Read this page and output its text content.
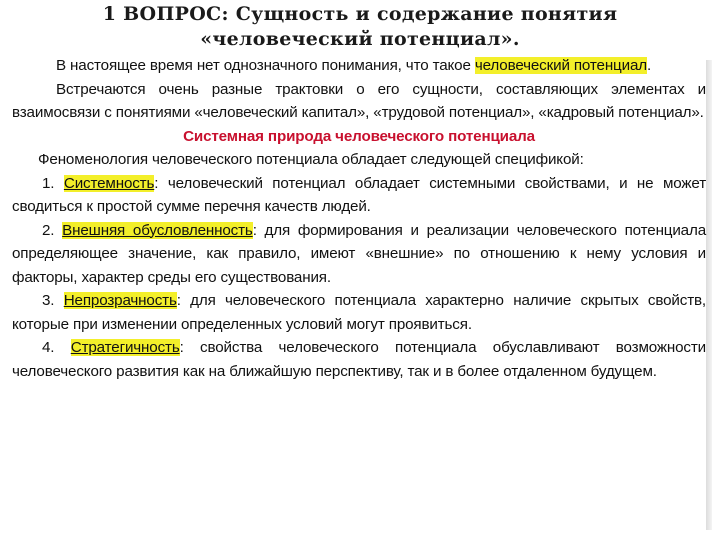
1 ВОПРОС: Сущность и содержание понятия
«человеческий потенциал».

В настоящее время нет однозначного понимания, что такое человеческий потенциал.

Встречаются очень разные трактовки о его сущности, составляющих элементах и взаимосвязи с понятиями «человеческий капитал», «трудовой потенциал», «кадровый потенциал».

Системная природа человеческого потенциала

Феноменология человеческого потенциала обладает следующей спецификой:

1. Системность: человеческий потенциал обладает системными свойствами, и не может сводиться к простой сумме перечня качеств людей.

2. Внешняя обусловленность: для формирования и реализации человеческого потенциала определяющее значение, как правило, имеют «внешние» по отношению к нему условия и факторы, характер среды его существования.

3. Непрозрачность: для человеческого потенциала характерно наличие скрытых свойств, которые при изменении определенных условий могут проявиться.

4. Стратегичность: свойства человеческого потенциала обуславливают возможности человеческого развития как на ближайшую перспективу, так и в более отдаленном будущем.
